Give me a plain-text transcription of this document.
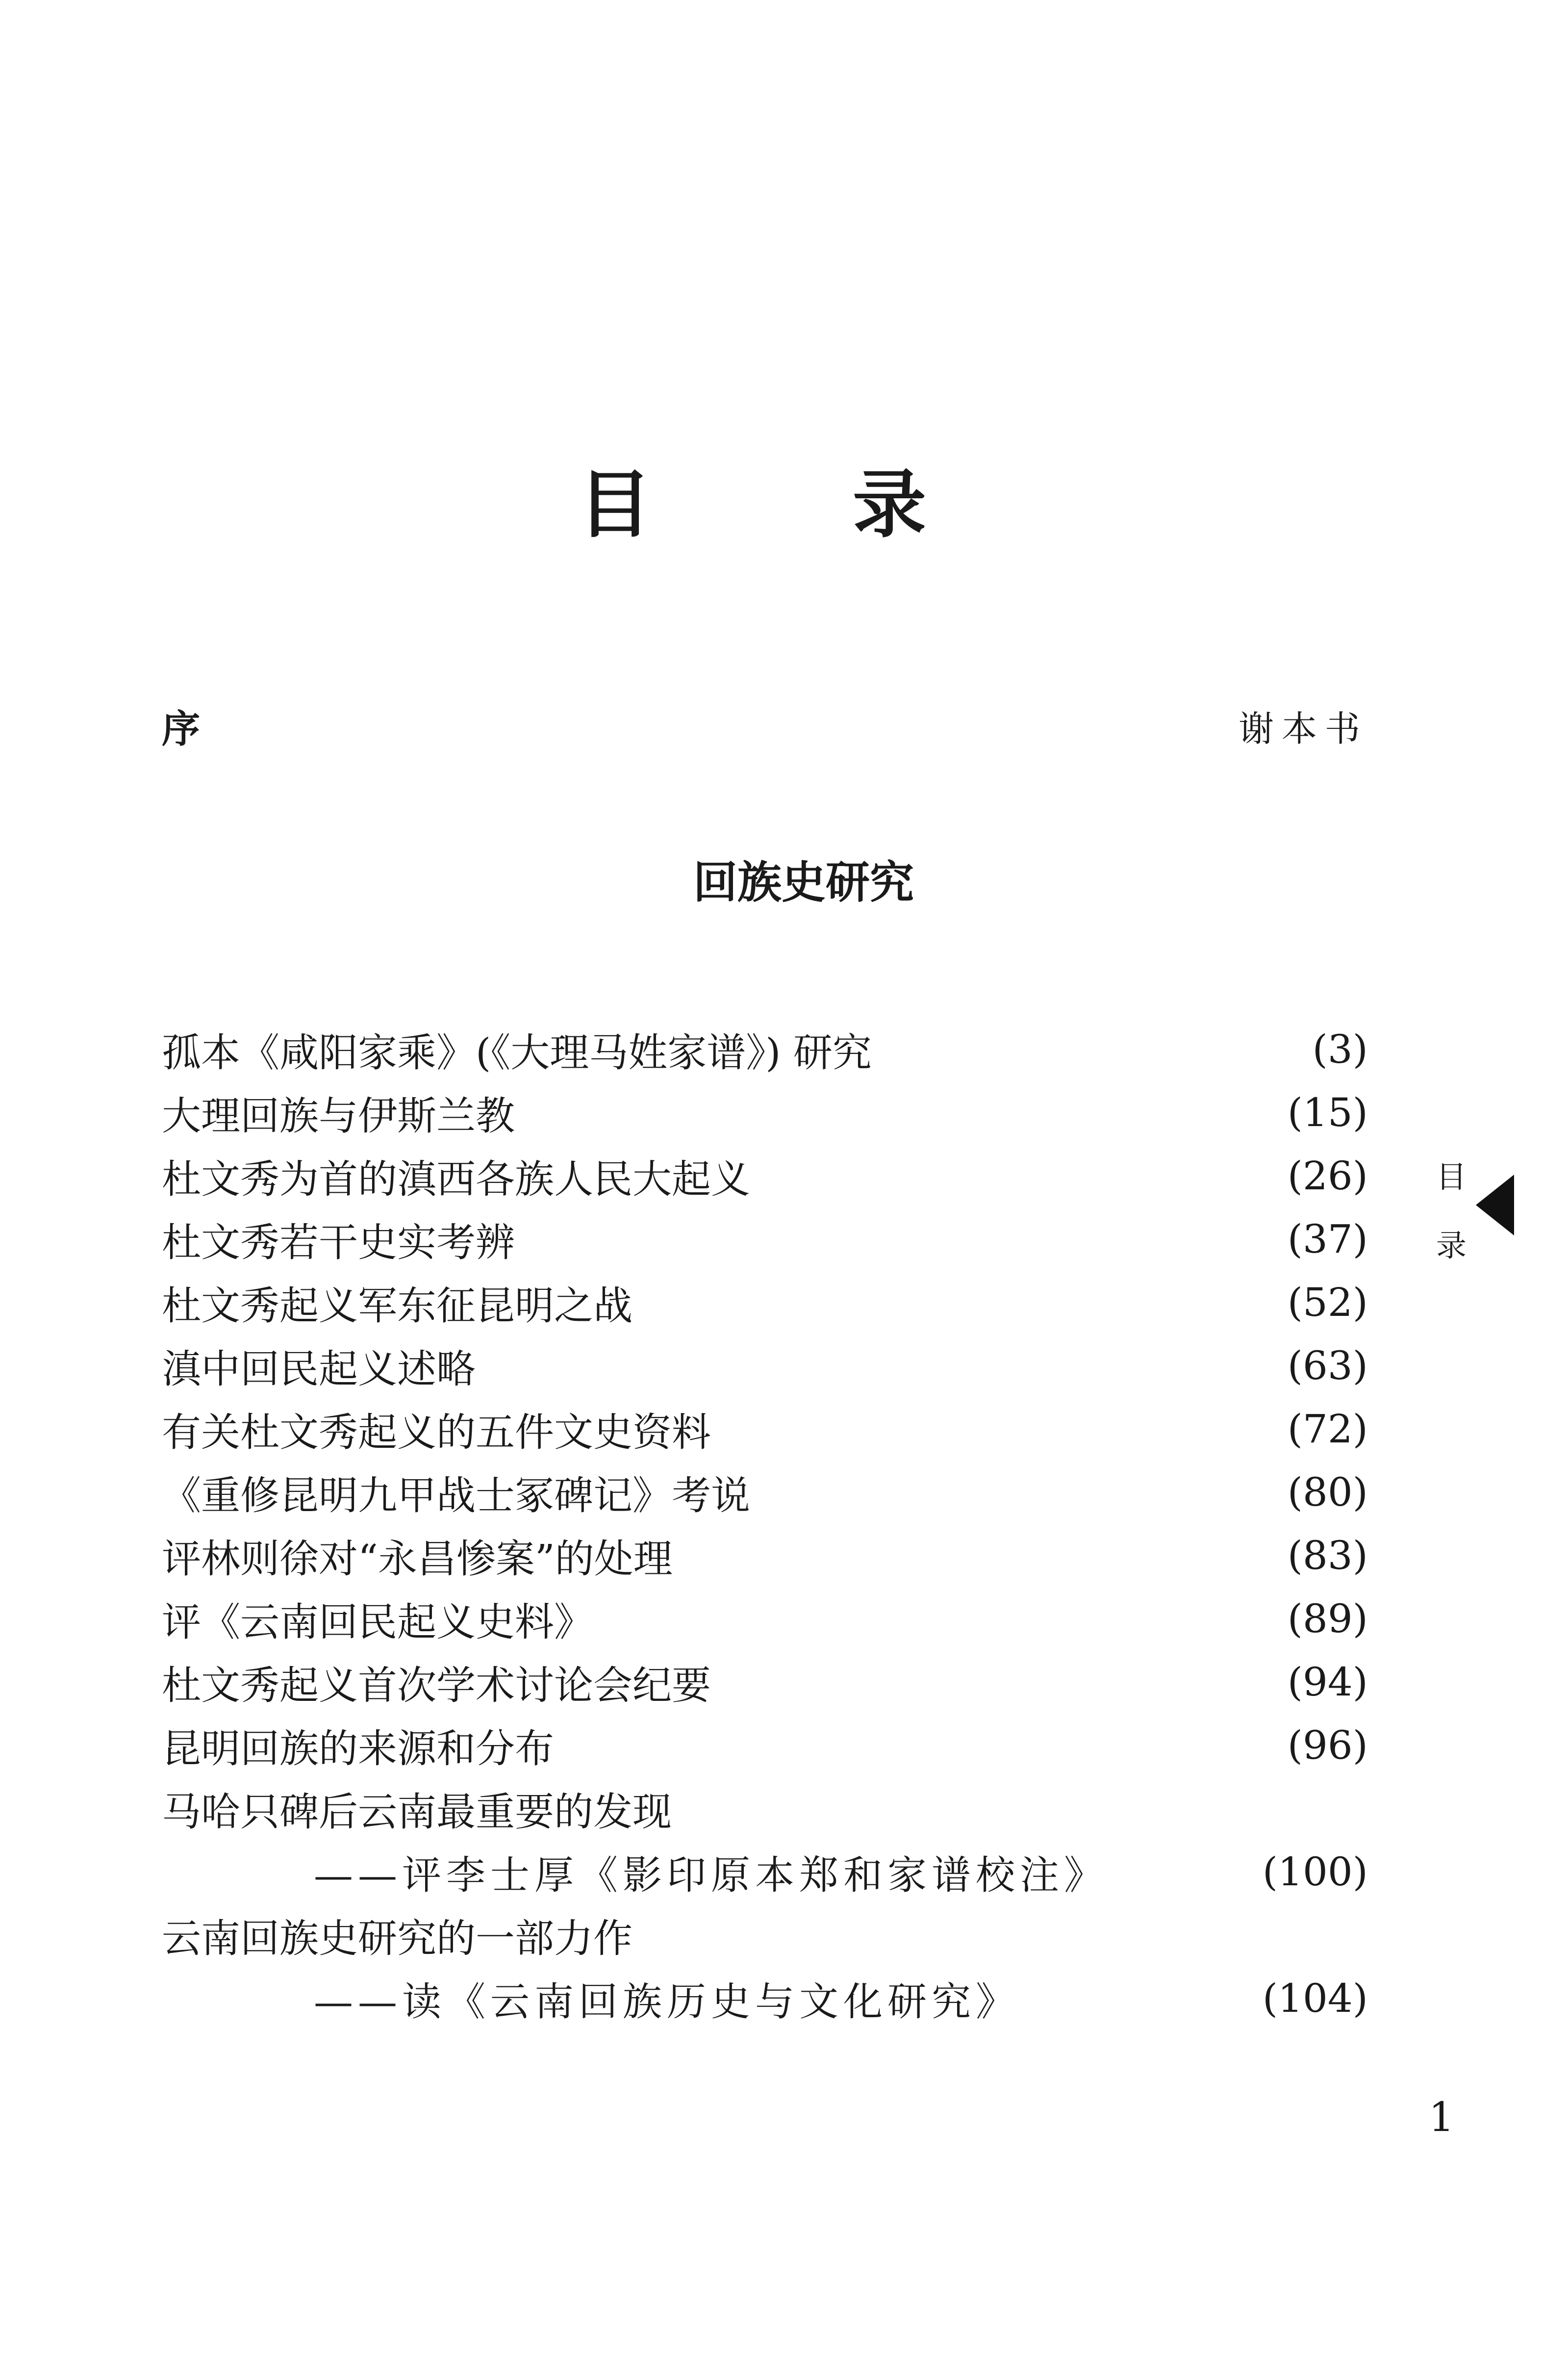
目 录
序	谢本书
回族史研究
孤本《咸阳家乘》(《大理马姓家谱》) 研究	(3)
大理回族与伊斯兰教	(15)
杜文秀为首的滇西各族人民大起义	(26)
杜文秀若干史实考辨	(37)
杜文秀起义军东征昆明之战	(52)
滇中回民起义述略	(63)
有关杜文秀起义的五件文史资料	(72)
《重修昆明九甲战士冢碑记》考说	(80)
评林则徐对“永昌惨案”的处理	(83)
评《云南回民起义史料》	(89)
杜文秀起义首次学术讨论会纪要	(94)
昆明回族的来源和分布	(96)
马哈只碑后云南最重要的发现
——评李士厚《影印原本郑和家谱校注》	(100)
云南回族史研究的一部力作
——读《云南回族历史与文化研究》	(104)
目
录
1
